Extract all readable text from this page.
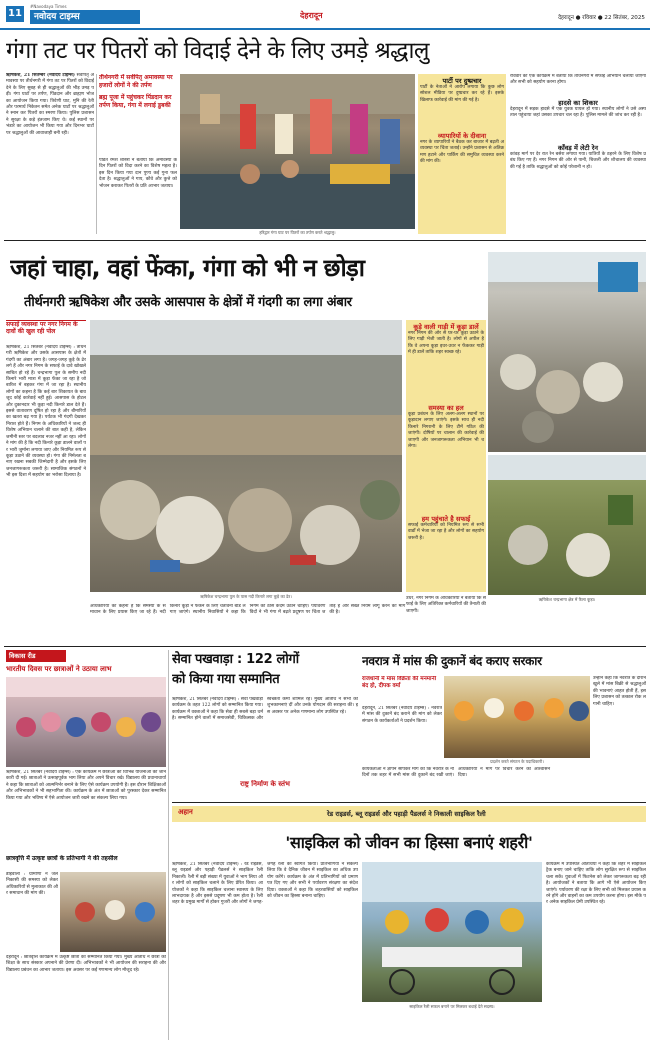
11
#Navodaya Times
नवोदय टाइम्स	देहरादून	देहरादून ● रविवार ● 22 सितंबर, 2025
गंगा तट पर पितरों को विदाई देने के लिए उमड़े श्रद्धालु
ऋषिकेश, 21 सितम्बर (नवोदय टाइम्स) सर्वपितृ अमावस्या पर तीर्थनगरी में गंगा तट पर पितरों को विदाई देने के लिए सुबह से ही श्रद्धालुओं की भीड़ उमड़ पड़ी। गंगा घाटों पर तर्पण, पिंडदान और ब्राह्मण भोज का आयोजन किया गया। त्रिवेणी घाट, मुनि की रेती और परमार्थ निकेतन समेत अनेक घाटों पर श्रद्धालुओं ने स्नान कर पितरों का स्मरण किया। पुलिस प्रशासन ने सुरक्षा के कड़े इंतजाम किए थे। कई स्थानों पर भंडारे का आयोजन भी किया गया और दिनभर घाटों पर श्रद्धालुओं की आवाजाही बनी रही।
तीर्थनगरी में सर्वपितृ अमावस्या पर हजारों लोगों ने की तर्पण
ब्रह्म पूजा में पहुंचकर पिंडदान कर तर्पण किया, गंगा में लगाई डुबकी
पंडित रमेश शास्त्री ने बताया कि अमावस्या के दिन पितरों को विदा करने का विशेष महत्व है। इस दिन किया गया दान पुण्य कई गुना फल देता है। श्रद्धालुओं ने गाय, कौवे और कुत्ते को भोजन कराकर पितरों के प्रति आभार जताया।
हरिद्वार गंगा घाट पर पितरों का तर्पण करते श्रद्धालु।
पार्टी पर दुष्प्रचार
पार्टी के नेताओं ने आरोप लगाया कि कुछ लोग सोशल मीडिया पर दुष्प्रचार कर रहे हैं। इसके खिलाफ कार्रवाई की मांग की गई है।
व्यापारियों के दीवाना
नगर के व्यापारियों ने बैठक कर बाजार में बढ़ती अव्यवस्था पर चिंता जताई। उन्होंने प्रशासन से अतिक्रमण हटाने और पार्किंग की समुचित व्यवस्था करने की मांग की।
रविवार को एक कार्यक्रम में बताया कि तीर्थनगरी में सफाई अभियान चलाया जाएगा और सभी को सहयोग करना होगा।
हादसे का शिकार
देहरादून में सड़क हादसे में एक युवक घायल हो गया। स्थानीय लोगों ने उसे अस्पताल पहुंचाया जहां उसका उपचार चल रहा है। पुलिस मामले की जांच कर रही है।
काँवड़ में लेटी रेन
कांवड़ मार्ग पर देर रात रेन बसेरा लगाया गया। यात्रियों के ठहरने के लिए विशेष प्रबंध किए गए हैं। नगर निगम की ओर से पानी, बिजली और शौचालय की व्यवस्था की गई है ताकि श्रद्धालुओं को कोई परेशानी न हो।
जहां चाहा, वहां फेंका, गंगा को भी न छोड़ा
तीर्थनगरी ऋषिकेश और उसके आसपास के क्षेत्रों में गंदगी का लगा अंबार
सफाई व्यवस्था पर नगर निगम के दावों की खुल रही पोल
ऋषिकेश, 21 सितंबर (नवोदय टाइम्स) : तीर्थनगरी ऋषिकेश और उसके आसपास के क्षेत्रों में गंदगी का अंबार लगा है। जगह-जगह कूड़े के ढेर लगे हैं और नगर निगम के सफाई के दावे खोखले साबित हो रहे हैं। चन्द्रभागा पुल के समीप नदी किनारे भारी मात्रा में कूड़ा फेंका जा रहा है जो बारिश में बहकर गंगा में जा रहा है। स्थानीय लोगों का कहना है कि कई बार शिकायत के बावजूद कोई कार्रवाई नहीं हुई। आसपास के होटल और दुकानदार भी कूड़ा नदी किनारे डाल देते हैं। इससे वातावरण दूषित हो रहा है और बीमारियों का खतरा बढ़ गया है। पर्यटक भी गंदगी देखकर निराश होते हैं। निगम के अधिकारियों ने जल्द ही विशेष अभियान चलाने की बात कही है, लेकिन जमीनी स्तर पर बदलाव नजर नहीं आ रहा। लोगों ने मांग की है कि नदी किनारे कूड़ा डालने वालों पर भारी जुर्माना लगाया जाए और नियमित रूप से कूड़ा उठाने की व्यवस्था हो। गंगा की निर्मलता बनाए रखना सबकी जिम्मेदारी है और इसके लिए जनजागरूकता जरूरी है। सामाजिक संगठनों ने भी इस दिशा में सहयोग का भरोसा दिलाया है।
ऋषिकेश चन्द्रभागा पुल के पास नदी किनारे लगा कूड़े का ढेर।
कूड़े वाली गाड़ी में कूड़ा डालें
नगर निगम की ओर से घर-घर कूड़ा उठाने के लिए गाड़ी भेजी जाती है। लोगों से अपील है कि वे अपना कूड़ा इधर-उधर न फेंककर गाड़ी में ही डालें ताकि शहर स्वच्छ रहे।
समस्या का हल
कूड़ा प्रबंधन के लिए अलग-अलग स्थानों पर कूड़ादान लगाए जाएंगे। इसके साथ ही नदी किनारे निगरानी के लिए टीमें गठित की जाएंगी। दोषियों पर चालान की कार्रवाई की जाएगी और जनजागरूकता अभियान भी चलेगा।
हम पहुंचाते है सफाई
सफाई कर्मचारियों को नियमित रूप से सभी वार्डों में भेजा जा रहा है और लोगों का सहयोग जरूरी है।
ऋषिकेश चन्द्रभागा क्षेत्र में फैला कूड़ा।
अधिकारियों का कहना है कि समस्या के समाधान के लिए प्रयास किए जा रहे हैं। नदी किनारे कूड़ा न फेंकने के लिए चेतावनी बोर्ड लगाए जाएंगे। स्थानीय निवासियों ने कहा कि निगम को ठोस कदम उठाने चाहिए। पर्यावरणविदों ने भी गंगा में बढ़ते प्रदूषण पर चिंता जताई है और सख्त नियम लागू करने की मांग की है।
उधर, नगर निगम के अधिकारियों ने बताया कि सफाई के लिए अतिरिक्त कर्मचारियों की तैनाती की जाएगी।
विकास रीड
भारतीय दिवस पर छात्राओं ने उठाया लाभ
ऋषिकेश, 21 सितंबर (नवोदय टाइम्स) : एक कार्यक्रम में छात्राओं को विभिन्न योजनाओं की जानकारी दी गई। छात्राओं ने उत्साहपूर्वक भाग लिया और अपने विचार रखे। विद्यालय की प्रधानाचार्या ने कहा कि छात्राओं को आत्मनिर्भर बनाने के लिए ऐसे कार्यक्रम उपयोगी हैं। इस दौरान शिक्षिकाओं और अभिभावकों ने भी सहभागिता की। कार्यक्रम के अंत में छात्राओं को पुरस्कार देकर सम्मानित किया गया और भविष्य में ऐसे आयोजन जारी रखने का संकल्प लिया गया।
छात्रवृत्ति में उत्कृष्ट छात्रों के प्रतिभागी ने की तहसील
डोईवाला : ग्रामीणों ने जल निकासी की समस्या को लेकर अधिकारियों से मुलाकात की और समाधान की मांग की।
देहरादून : छात्रवृत्ति कार्यक्रम में उत्कृष्ट छात्रों को सम्मानित किया गया। मुख्य अतिथि ने छात्रों को शिक्षा के साथ संस्कार अपनाने की प्रेरणा दी। अभिभावकों ने भी आयोजन की सराहना की और विद्यालय प्रबंधन का आभार जताया। इस अवसर पर कई गणमान्य लोग मौजूद रहे।
सेवा पखवाड़ा : 122 लोगों
को किया गया सम्मानित
ऋषिकेश, 21 सितंबर (नवोदय टाइम्स) : सेवा पखवाड़ा कार्यक्रम के तहत 122 लोगों को सम्मानित किया गया। कार्यक्रम में वक्ताओं ने कहा कि सेवा ही सबसे बड़ा धर्म है। सम्मानित होने वालों में समाजसेवी, चिकित्सक और स्वच्छता कर्मी शामिल रहे। मुख्य अतिथि ने सभी को शुभकामनाएं दीं और उनके योगदान की सराहना की। इस अवसर पर अनेक गणमान्य लोग उपस्थित रहे।
राष्ट्र निर्माण के स्तंभ
नवरात्र में मांस की दुकानें बंद कराए सरकार
राजधानी में मांस विक्रेता की मनमानी बंद हो, दीपक वर्मा
देहरादून, 21 सितंबर (नवोदय टाइम्स) : नवरात्र में मांस की दुकानें बंद कराने की मांग को लेकर संगठन के कार्यकर्ताओं ने प्रदर्शन किया।
प्रदर्शन करते संगठन के पदाधिकारी।
उन्होंने कहा कि नवरात्र के दौरान खुले में मांस बिक्री से श्रद्धालुओं की भावनाएं आहत होती हैं, इसलिए प्रशासन को तत्काल रोक लगानी चाहिए।
कार्यकर्ताओं ने ज्ञापन सौंपकर मांग की कि नवरात्र के नौ दिनों तक शहर में सभी मांस की दुकानें बंद रखी जाएं। अधिकारियों ने मांग पर विचार करने का आश्वासन दिया।
अहान	रेड राइडर्स, ब्लू राइडर्स और पहाड़ी पैडलर्स ने निकाली साइकिल रैली
'साइकिल को जीवन का हिस्सा बनाएं शहरी'
ऋषिकेश, 21 सितंबर (नवोदय टाइम्स) : रेड राइडर्स, ब्लू राइडर्स और पहाड़ी पैडलर्स ने साइकिल रैली निकाली। रैली में बड़ी संख्या में युवाओं ने भाग लिया और लोगों को साइकिल चलाने के लिए प्रेरित किया। आयोजकों ने कहा कि साइकिल चलाना स्वास्थ्य के लिए लाभदायक है और इससे प्रदूषण भी कम होता है। रैली शहर के प्रमुख मार्गों से होकर गुजरी और लोगों ने जगह-जगह रैली का स्वागत किया। प्रतिभागियों ने संकल्प लिया कि वे दैनिक जीवन में साइकिल का अधिक उपयोग करेंगे। कार्यक्रम के अंत में प्रतिभागियों को प्रमाण पत्र दिए गए और सभी ने पर्यावरण संरक्षण का संदेश दिया। वक्ताओं ने कहा कि शहरवासियों को साइकिल को जीवन का हिस्सा बनाना चाहिए।
साइकिल रैली सफल बनाने पर मिलकर बधाई देते सदस्य।
कार्यक्रम में उपस्थित अतिथियों ने कहा कि शहर में साइकिल ट्रैक बनाए जाने चाहिए ताकि लोग सुरक्षित रूप से साइकिल चला सकें। युवाओं में फिटनेस को लेकर जागरूकता बढ़ रही है। आयोजकों ने बताया कि आगे भी ऐसे आयोजन किए जाएंगे। पर्यावरण की रक्षा के लिए सभी को मिलकर प्रयास करने होंगे और वाहनों का कम उपयोग करना होगा। इस मौके पर अनेक साइकिल प्रेमी उपस्थित रहे।
